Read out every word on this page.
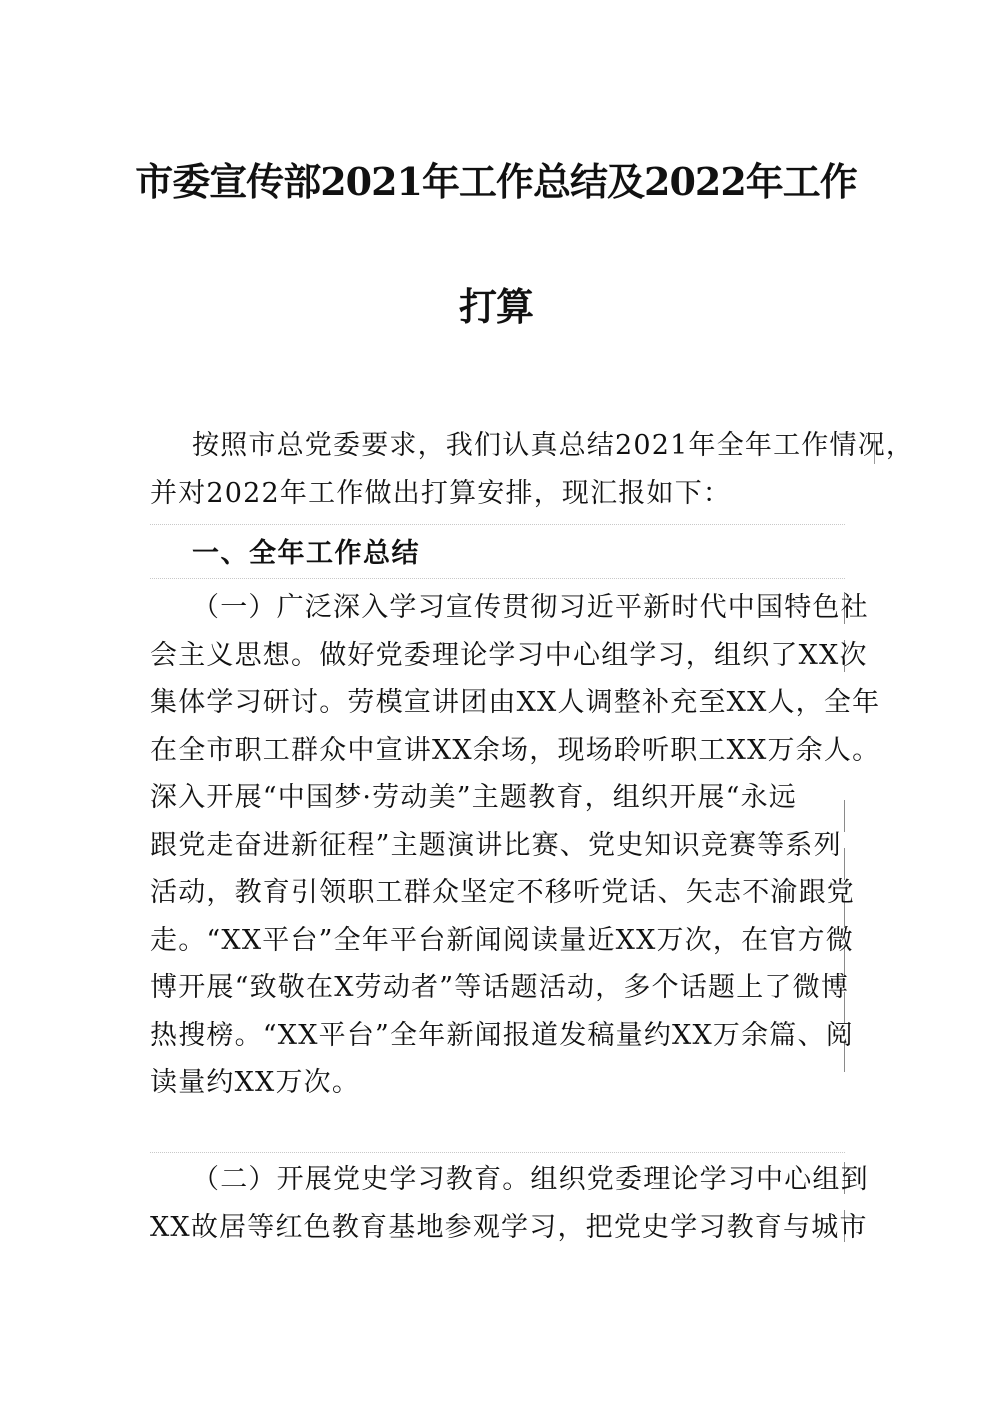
市委宣传部2021年工作总结及2022年工作
打算
按照市总党委要求，我们认真总结2021年全年工作情况，
并对2022年工作做出打算安排，现汇报如下：
一、全年工作总结
（一）广泛深入学习宣传贯彻习近平新时代中国特色社
会主义思想。做好党委理论学习中心组学习，组织了XX次
集体学习研讨。劳模宣讲团由XX人调整补充至XX人，全年
在全市职工群众中宣讲XX余场，现场聆听职工XX万余人。
深入开展“中国梦·劳动美”主题教育，组织开展“永远
跟党走奋进新征程”主题演讲比赛、党史知识竞赛等系列
活动，教育引领职工群众坚定不移听党话、矢志不渝跟党
走。“XX平台”全年平台新闻阅读量近XX万次，在官方微
博开展“致敬在X劳动者”等话题活动，多个话题上了微博
热搜榜。“XX平台”全年新闻报道发稿量约XX万余篇、阅
读量约XX万次。
（二）开展党史学习教育。组织党委理论学习中心组到
XX故居等红色教育基地参观学习，把党史学习教育与城市
